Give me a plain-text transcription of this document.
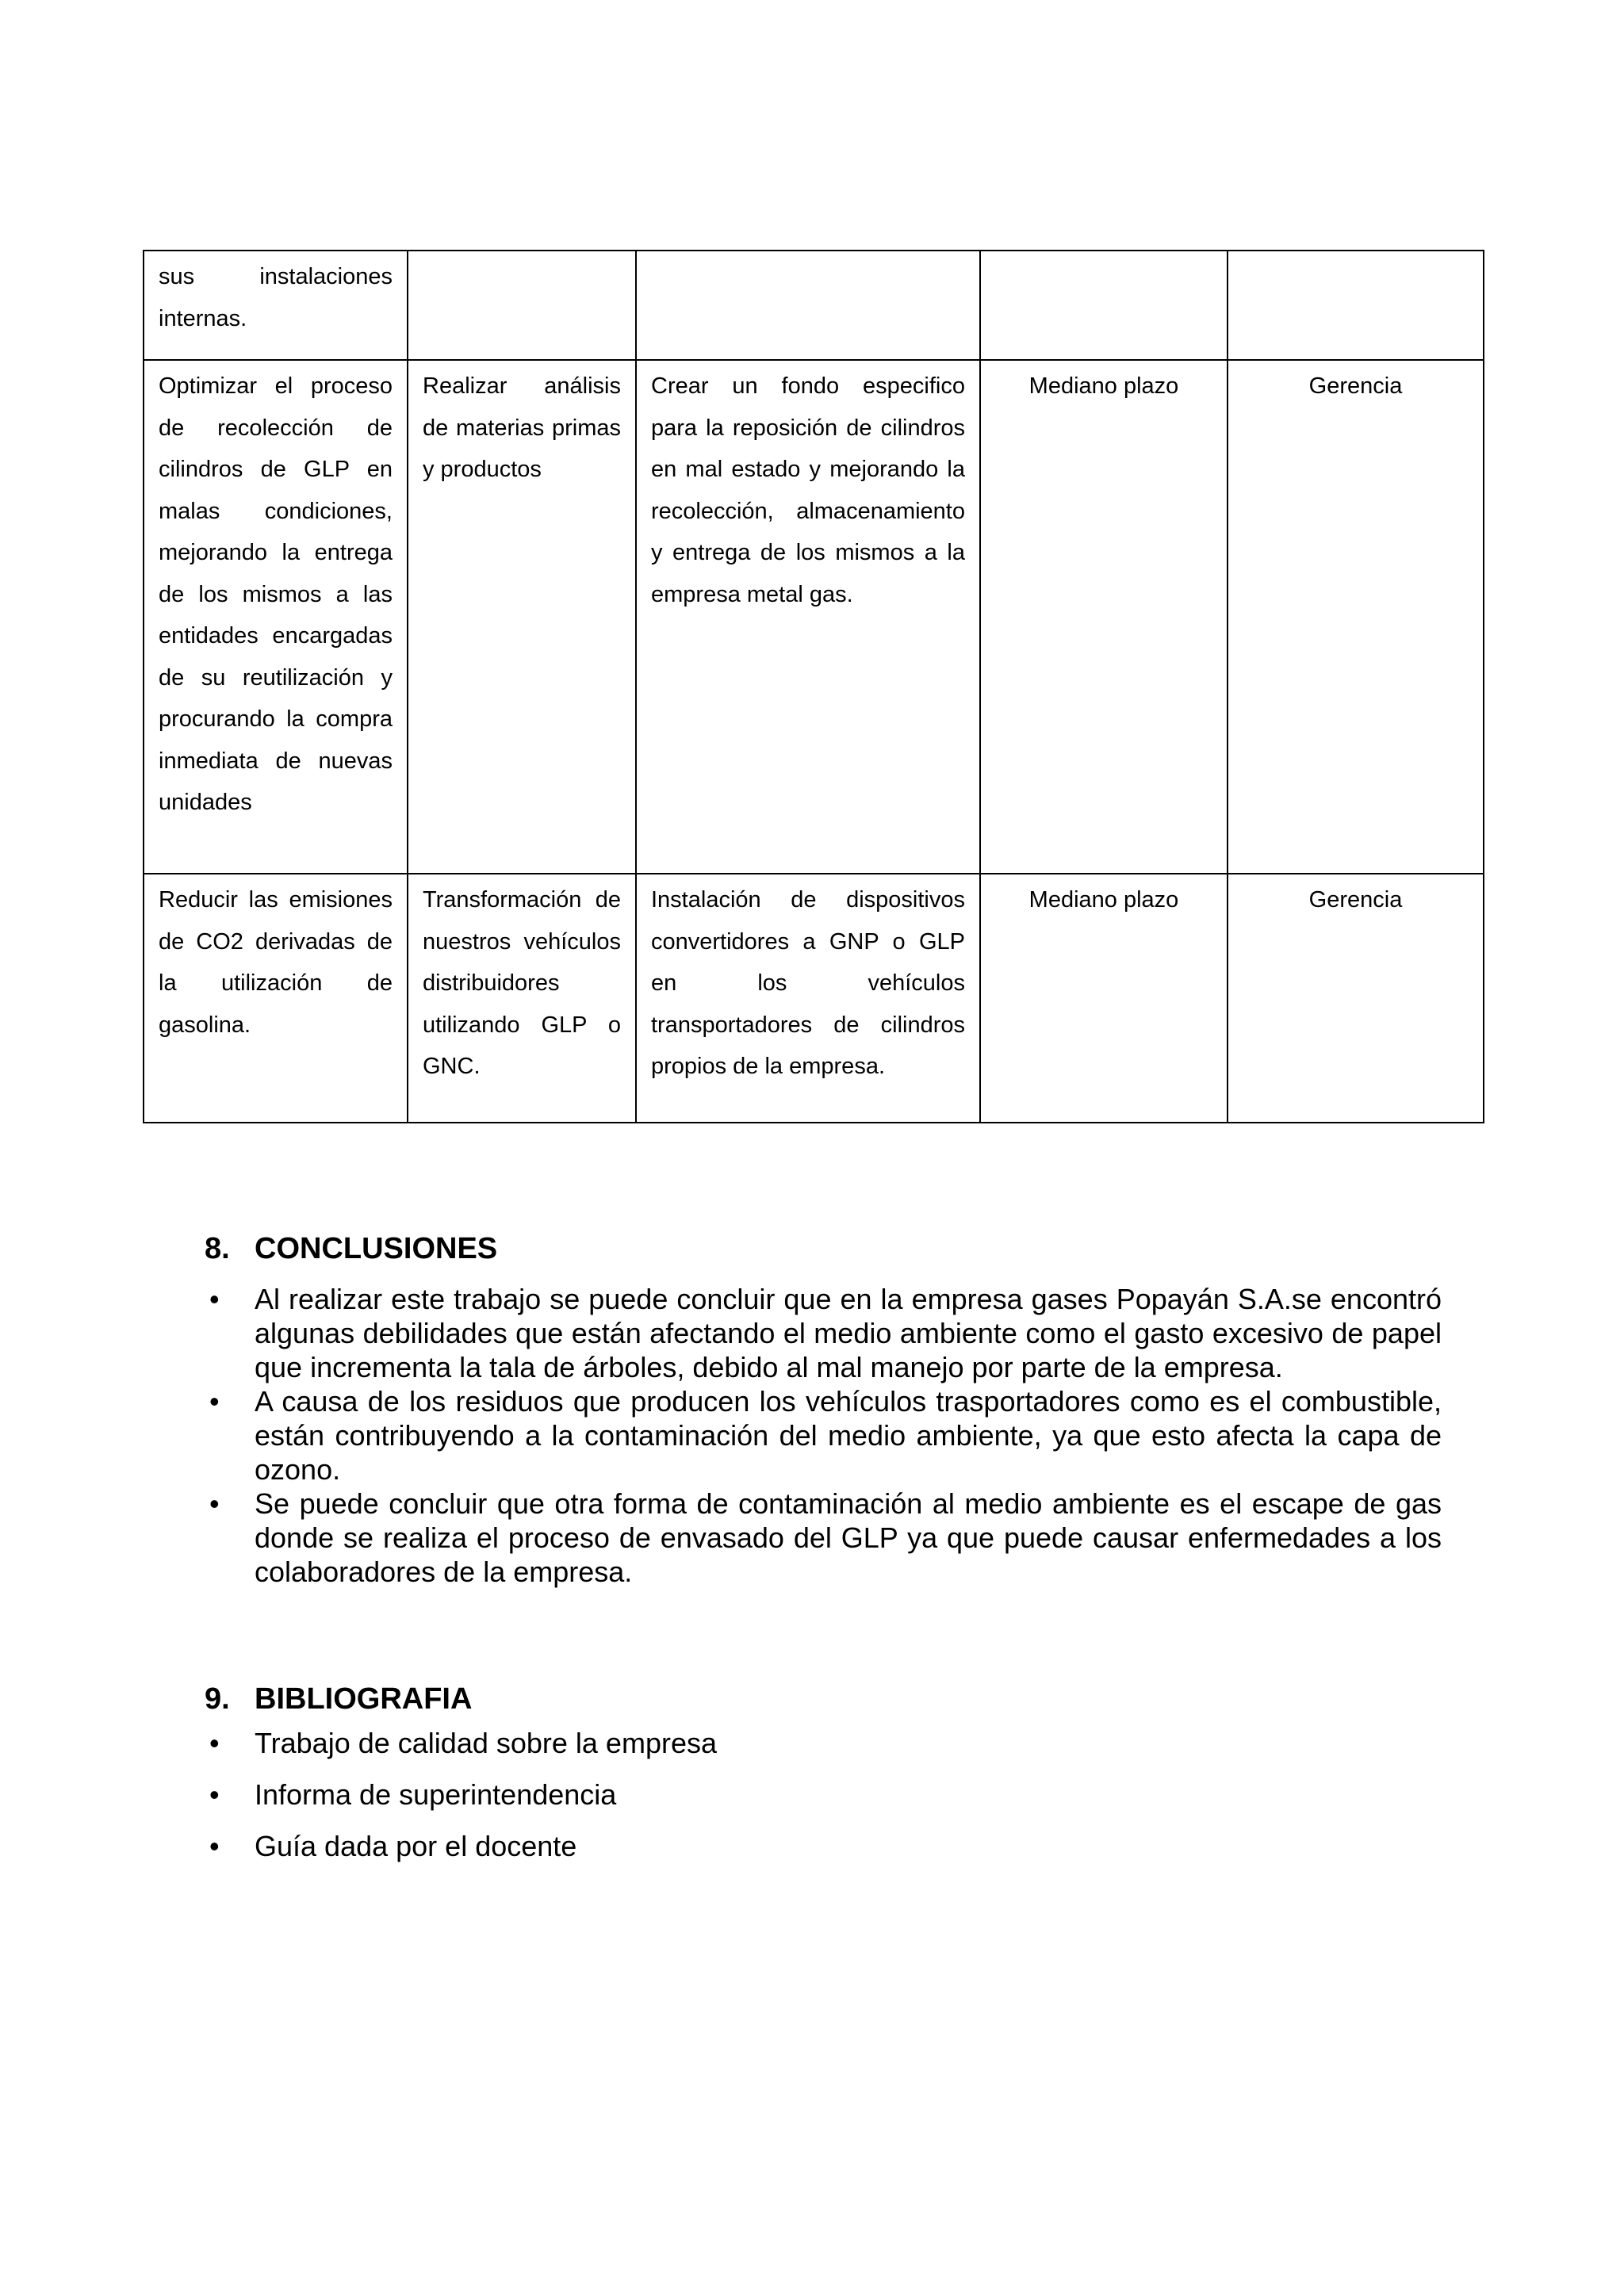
sus instalaciones internas.				
Optimizar el proceso de recolección de cilindros de GLP en malas condiciones, mejorando la entrega de los mismos a las entidades encargadas de su reutilización y procurando la compra inmediata de nuevas unidades	Realizar análisis de materias primas y productos	Crear un fondo especifico para la reposición de cilindros en mal estado y mejorando la recolección, almacenamiento y entrega de los mismos a la empresa metal gas.	Mediano plazo	Gerencia
Reducir las emisiones de CO2 derivadas de la utilización de gasolina.	Transformación de nuestros vehículos distribuidores utilizando GLP o GNC.	Instalación de dispositivos convertidores a GNP o GLP en los vehículos transportadores de cilindros propios de la empresa.	Mediano plazo	Gerencia
8. CONCLUSIONES
• Al realizar este trabajo se puede concluir que en la empresa gases Popayán S.A.se encontró algunas debilidades que están afectando el medio ambiente como el gasto excesivo de papel que incrementa la tala de árboles, debido al mal manejo por parte de la empresa.
• A causa de los residuos que producen los vehículos trasportadores como es el combustible, están contribuyendo a la contaminación del medio ambiente, ya que esto afecta la capa de ozono.
• Se puede concluir que otra forma de contaminación al medio ambiente es el escape de gas donde se realiza el proceso de envasado del GLP ya que puede causar enfermedades a los colaboradores de la empresa.
9. BIBLIOGRAFIA
• Trabajo de calidad sobre la empresa
• Informa de superintendencia
• Guía dada por el docente
